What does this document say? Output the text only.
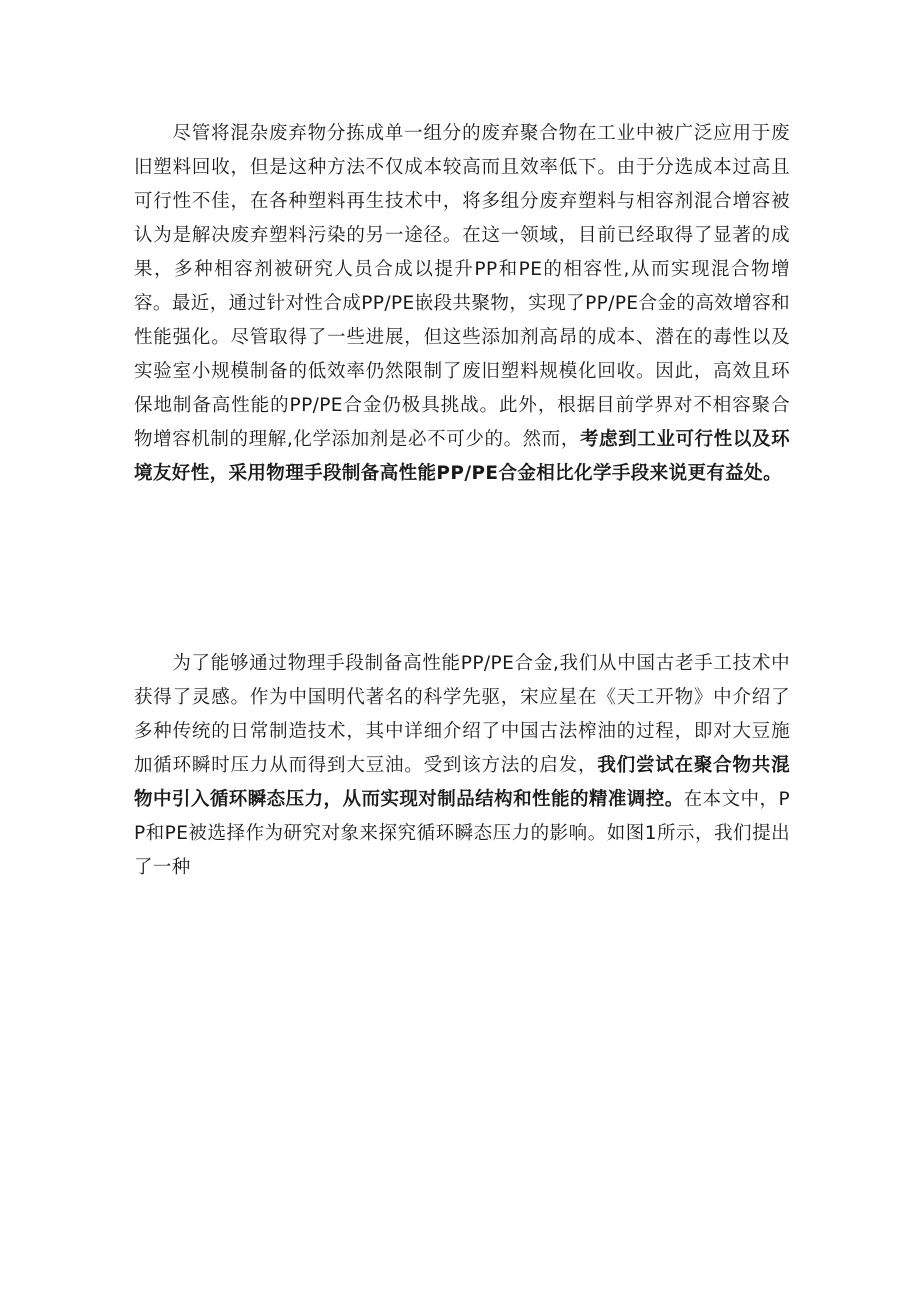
尽管将混杂废弃物分拣成单一组分的废弃聚合物在工业中被广泛应用于废旧塑料回收，但是这种方法不仅成本较高而且效率低下。由于分选成本过高且可行性不佳，在各种塑料再生技术中，将多组分废弃塑料与相容剂混合增容被认为是解决废弃塑料污染的另一途径。在这一领域，目前已经取得了显著的成果，多种相容剂被研究人员合成以提升PP和PE的相容性,从而实现混合物增容。最近，通过针对性合成PP/PE嵌段共聚物，实现了PP/PE合金的高效增容和性能强化。尽管取得了一些进展，但这些添加剂高昂的成本、潜在的毒性以及实验室小规模制备的低效率仍然限制了废旧塑料规模化回收。因此，高效且环保地制备高性能的PP/PE合金仍极具挑战。此外，根据目前学界对不相容聚合物增容机制的理解,化学添加剂是必不可少的。然而，考虑到工业可行性以及环境友好性，采用物理手段制备高性能PP/PE合金相比化学手段来说更有益处。

为了能够通过物理手段制备高性能PP/PE合金,我们从中国古老手工技术中获得了灵感。作为中国明代著名的科学先驱，宋应星在《天工开物》中介绍了多种传统的日常制造技术，其中详细介绍了中国古法榨油的过程，即对大豆施加循环瞬时压力从而得到大豆油。受到该方法的启发，我们尝试在聚合物共混物中引入循环瞬态压力，从而实现对制品结构和性能的精准调控。在本文中，PP和PE被选择作为研究对象来探究循环瞬态压力的影响。如图1所示，我们提出了一种
